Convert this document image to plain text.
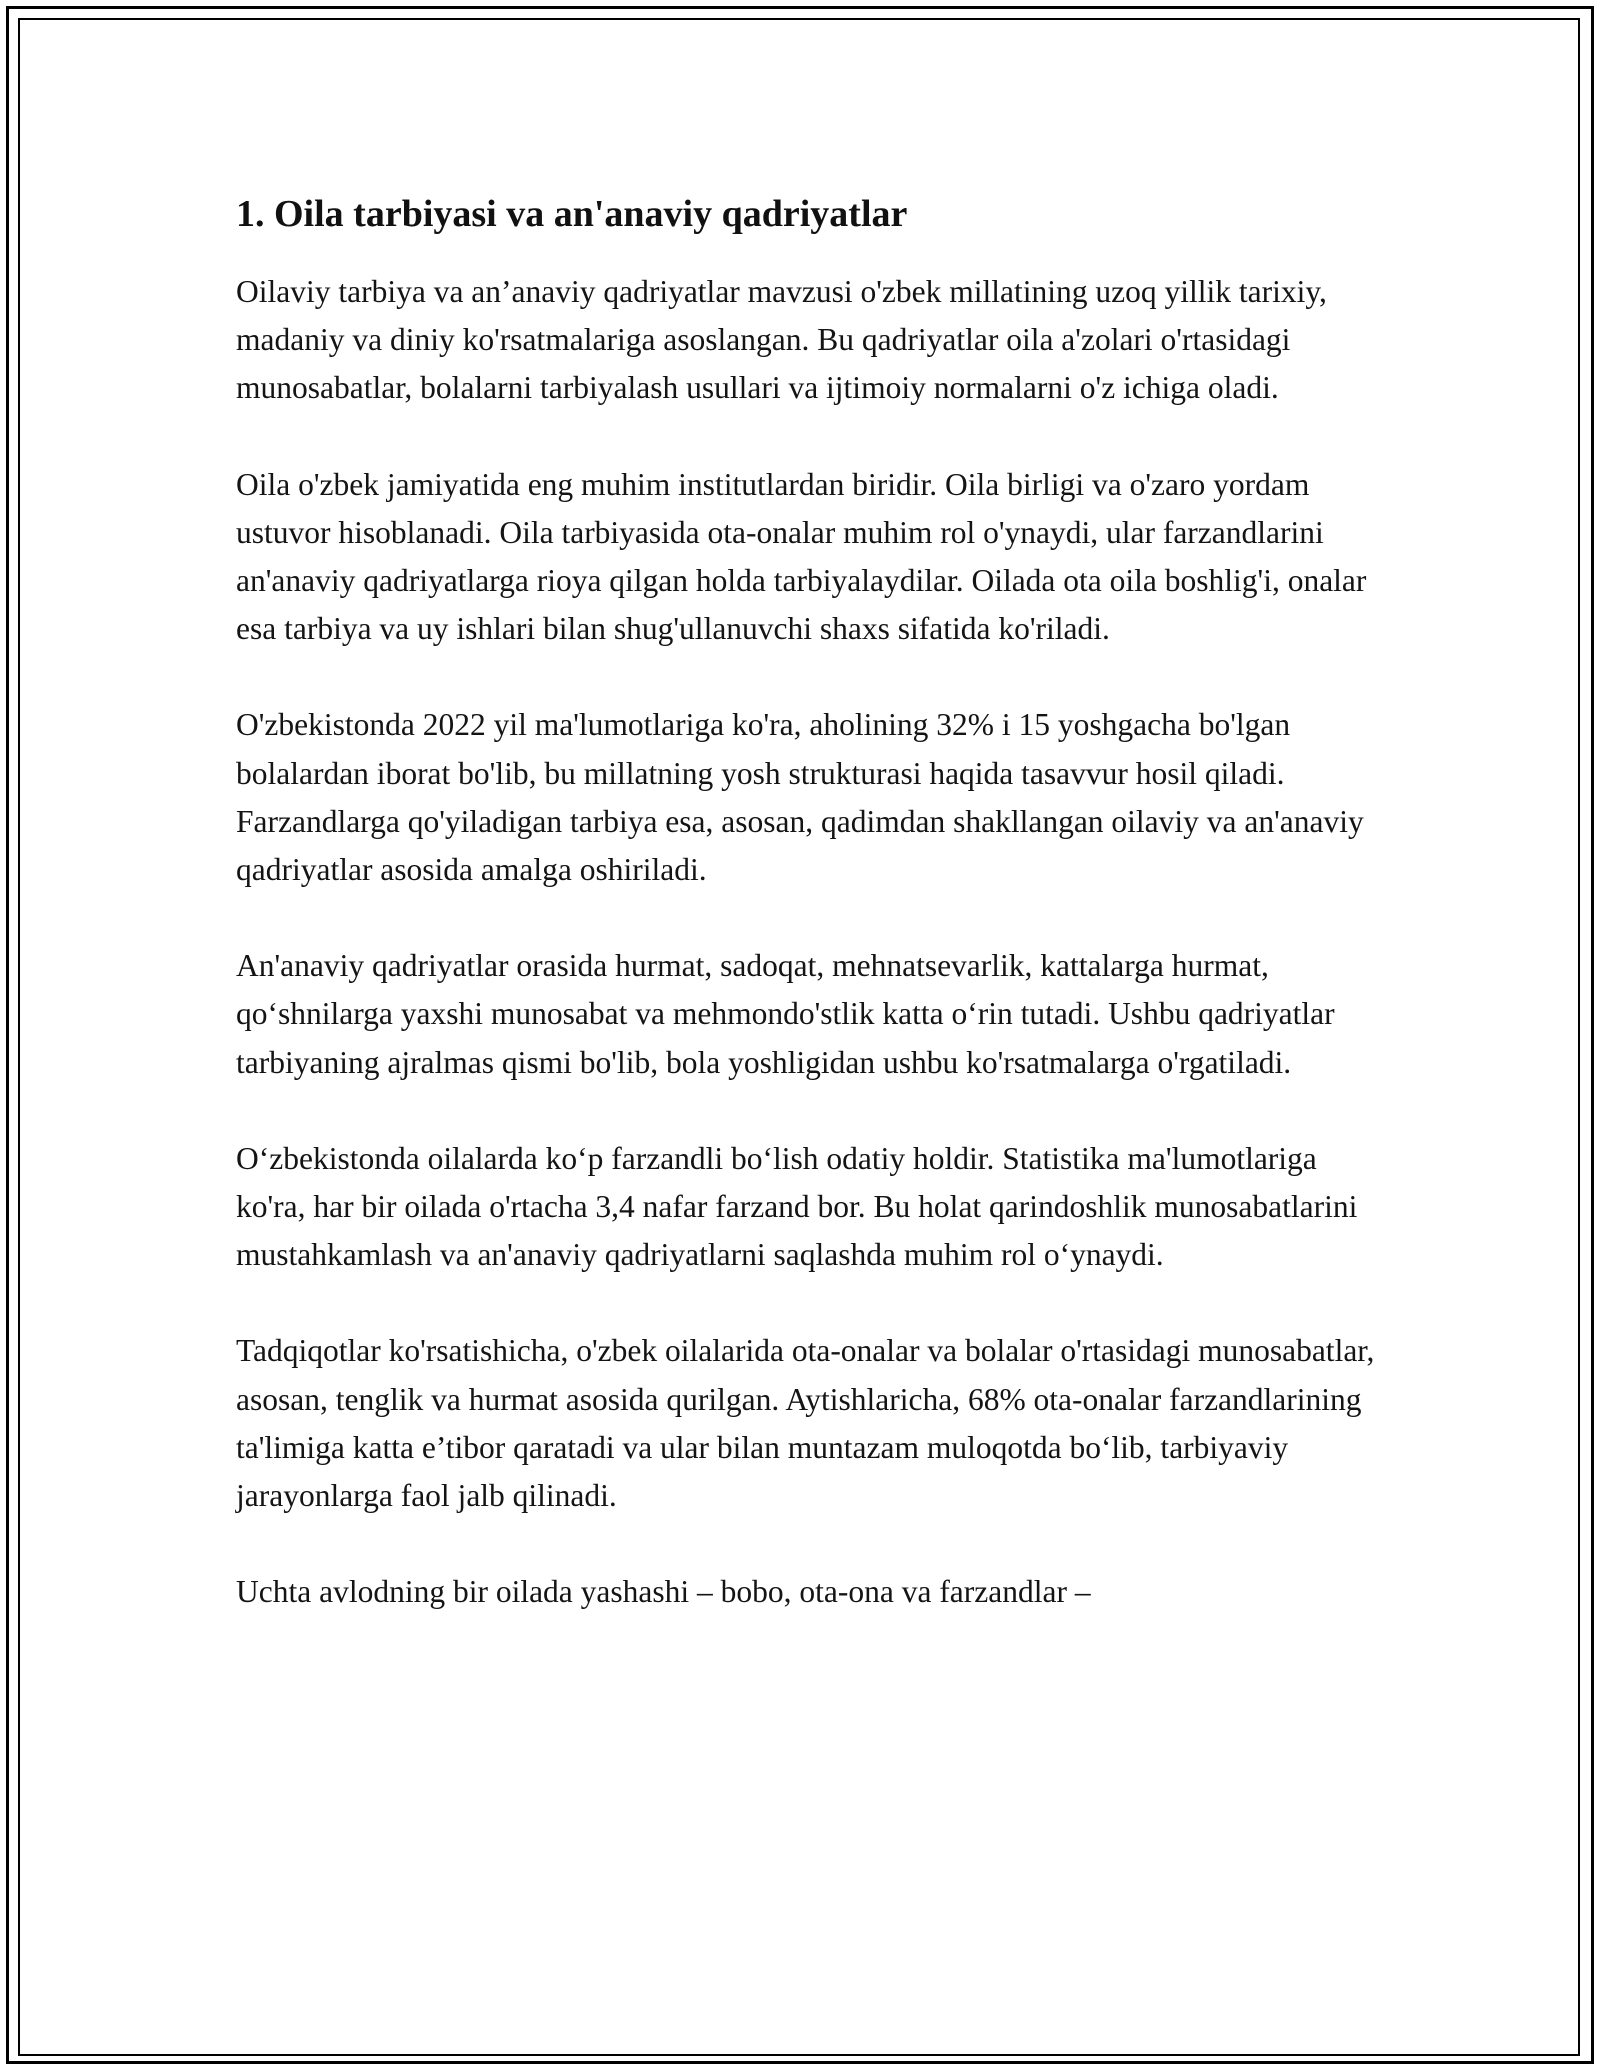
1. Oila tarbiyasi va an'anaviy qadriyatlar

Oilaviy tarbiya va an’anaviy qadriyatlar mavzusi o'zbek millatining uzoq yillik tarixiy, madaniy va diniy ko'rsatmalariga asoslangan. Bu qadriyatlar oila a'zolari o'rtasidagi munosabatlar, bolalarni tarbiyalash usullari va ijtimoiy normalarni o'z ichiga oladi.

Oila o'zbek jamiyatida eng muhim institutlardan biridir. Oila birligi va o'zaro yordam ustuvor hisoblanadi. Oila tarbiyasida ota-onalar muhim rol o'ynaydi, ular farzandlarini an'anaviy qadriyatlarga rioya qilgan holda tarbiyalaydilar. Oilada ota oila boshlig'i, onalar esa tarbiya va uy ishlari bilan shug'ullanuvchi shaxs sifatida ko'riladi.

O'zbekistonda 2022 yil ma'lumotlariga ko'ra, aholining 32% i 15 yoshgacha bo'lgan bolalardan iborat bo'lib, bu millatning yosh strukturasi haqida tasavvur hosil qiladi. Farzandlarga qo'yiladigan tarbiya esa, asosan, qadimdan shakllangan oilaviy va an'anaviy qadriyatlar asosida amalga oshiriladi.

An'anaviy qadriyatlar orasida hurmat, sadoqat, mehnatsevarlik, kattalarga hurmat, qo‘shnilarga yaxshi munosabat va mehmondo'stlik katta o‘rin tutadi. Ushbu qadriyatlar tarbiyaning ajralmas qismi bo'lib, bola yoshligidan ushbu ko'rsatmalarga o'rgatiladi.

O‘zbekistonda oilalarda ko‘p farzandli bo‘lish odatiy holdir. Statistika ma'lumotlariga ko'ra, har bir oilada o'rtacha 3,4 nafar farzand bor. Bu holat qarindoshlik munosabatlarini mustahkamlash va an'anaviy qadriyatlarni saqlashda muhim rol o‘ynaydi.

Tadqiqotlar ko'rsatishicha, o'zbek oilalarida ota-onalar va bolalar o'rtasidagi munosabatlar, asosan, tenglik va hurmat asosida qurilgan. Aytishlaricha, 68% ota-onalar farzandlarining ta'limiga katta e’tibor qaratadi va ular bilan muntazam muloqotda bo‘lib, tarbiyaviy jarayonlarga faol jalb qilinadi.

Uchta avlodning bir oilada yashashi – bobo, ota-ona va farzandlar –
